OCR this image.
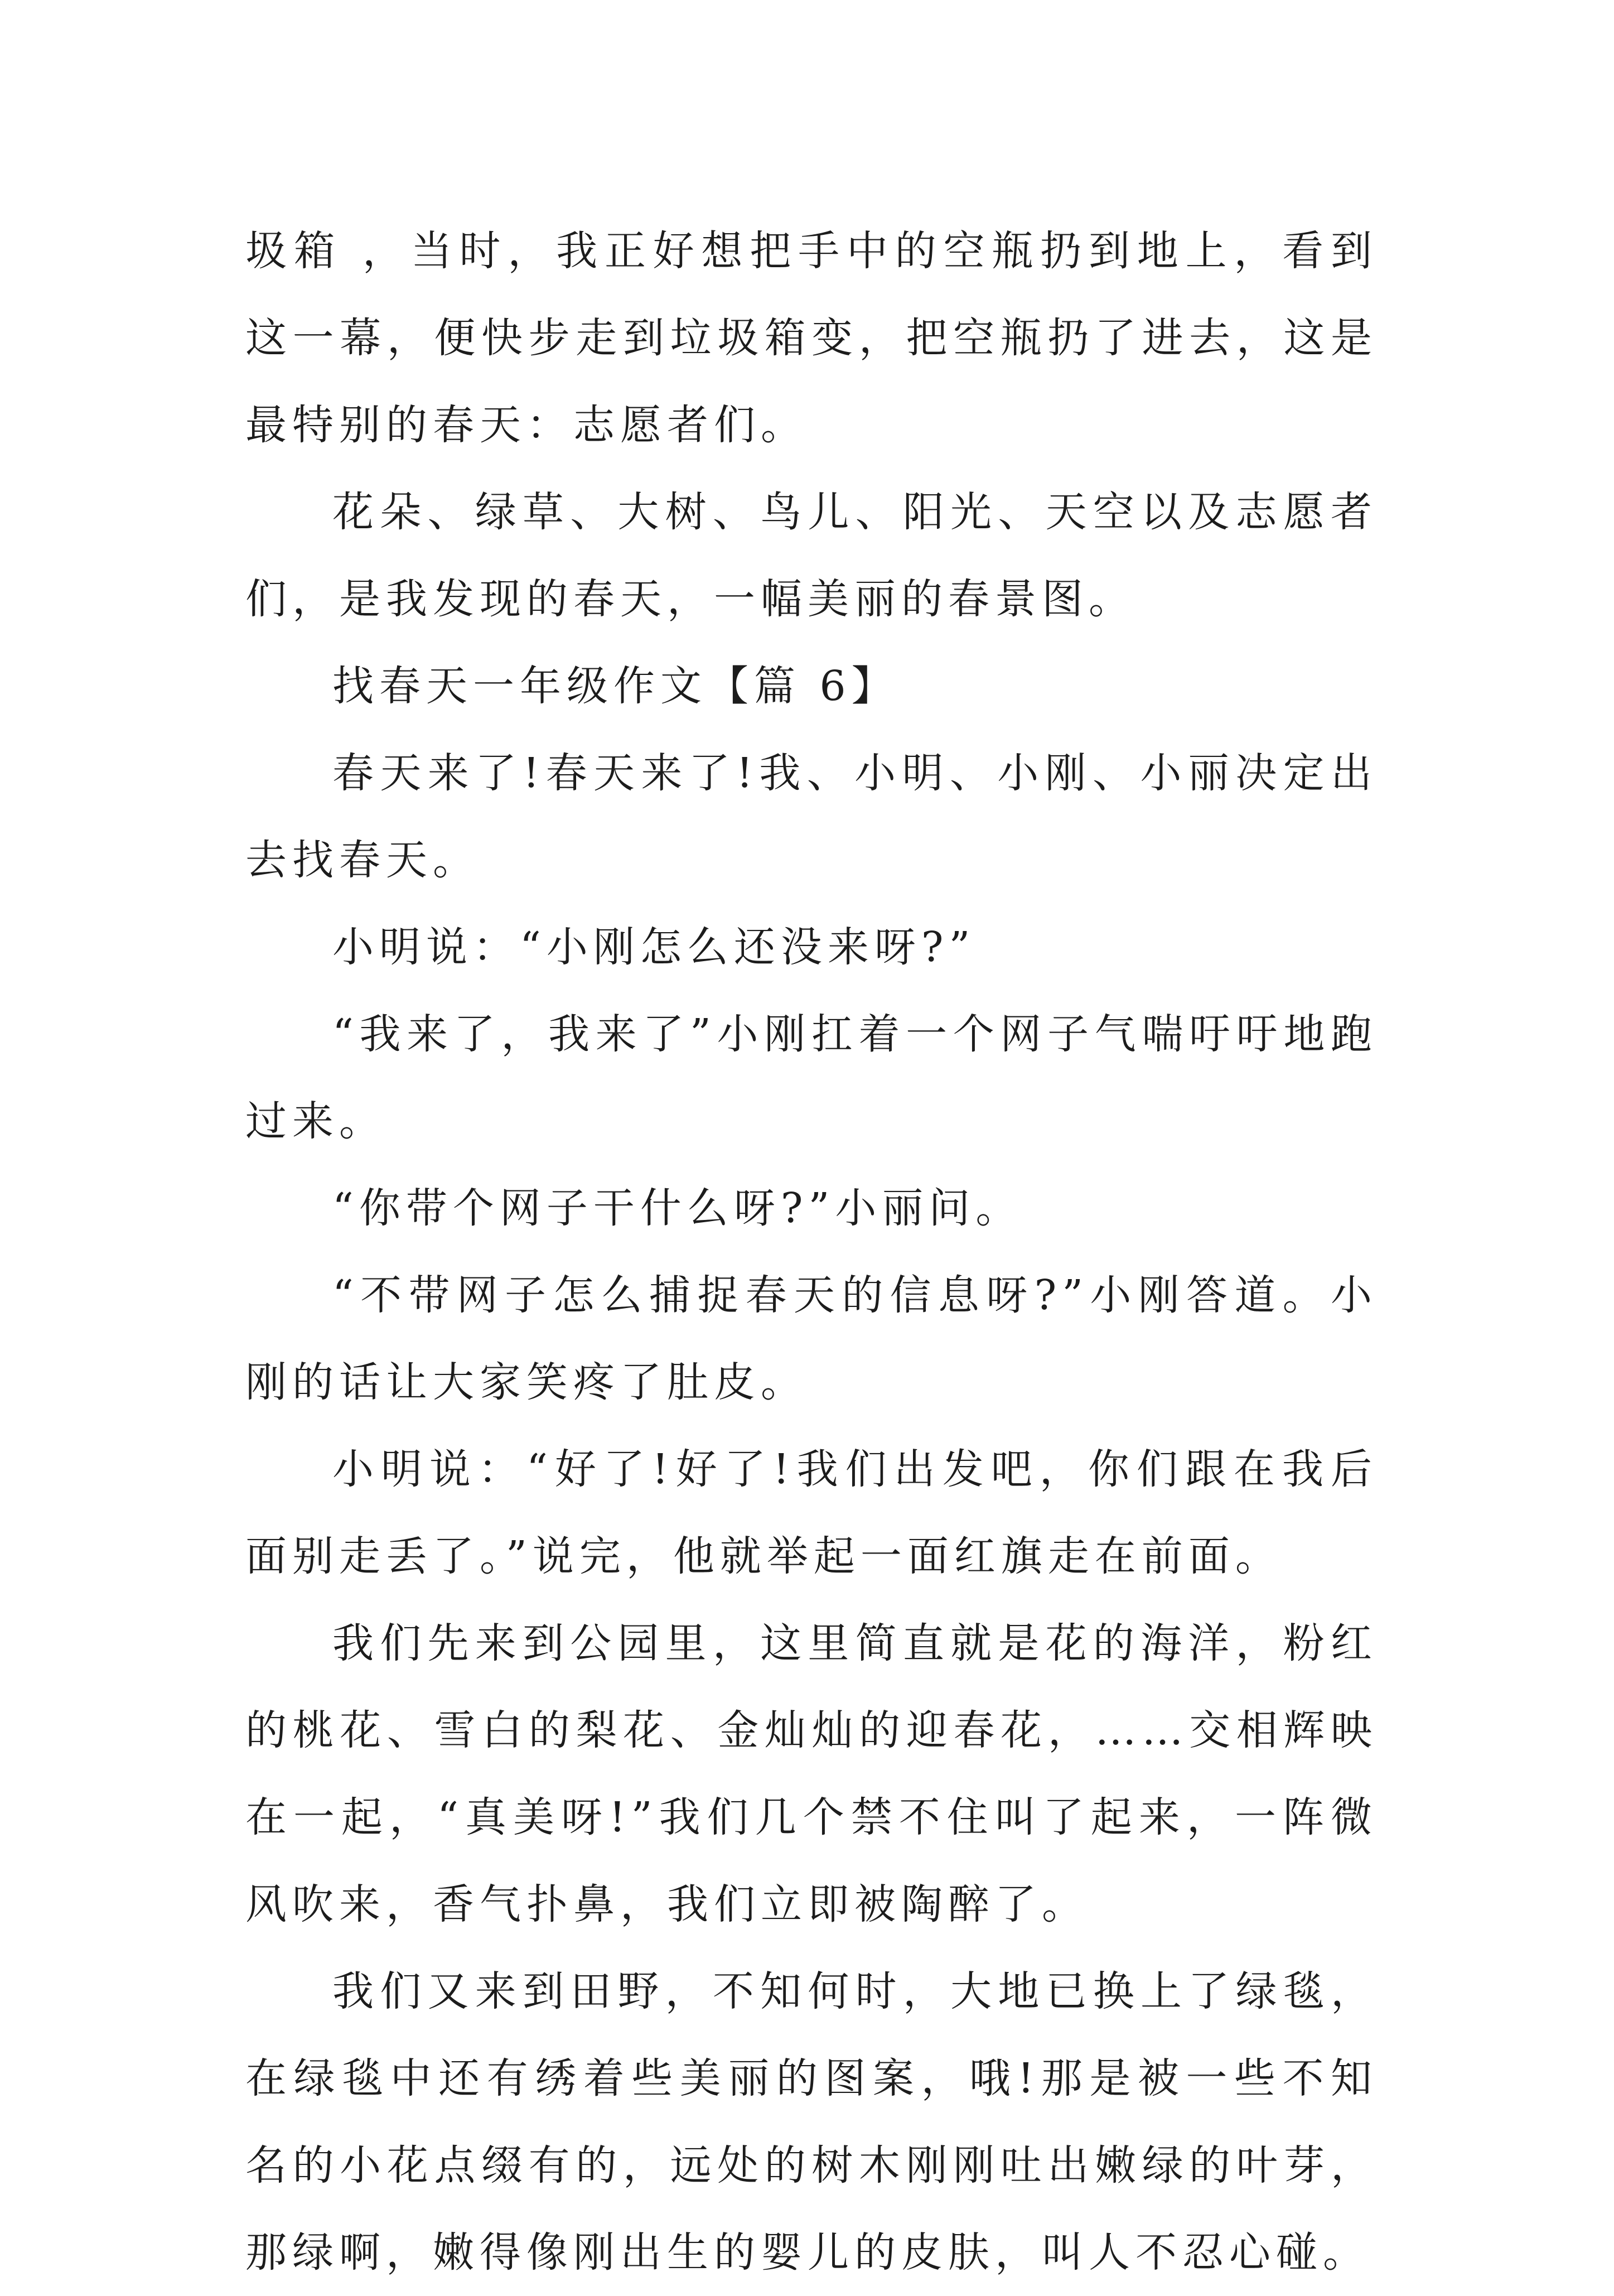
圾箱 ，当时，我正好想把手中的空瓶扔到地上，看到这一幕，便快步走到垃圾箱变，把空瓶扔了进去，这是最特别的春天：志愿者们。

花朵、绿草、大树、鸟儿、阳光、天空以及志愿者们，是我发现的春天，一幅美丽的春景图。

找春天一年级作文【篇 6】

春天来了!春天来了!我、小明、小刚、小丽决定出去找春天。

小明说：“小刚怎么还没来呀?”

“我来了，我来了”小刚扛着一个网子气喘吁吁地跑过来。

“你带个网子干什么呀?”小丽问。

“不带网子怎么捕捉春天的信息呀?”小刚答道。小刚的话让大家笑疼了肚皮。

小明说：“好了!好了!我们出发吧，你们跟在我后面别走丢了。”说完，他就举起一面红旗走在前面。

我们先来到公园里，这里简直就是花的海洋，粉红的桃花、雪白的梨花、金灿灿的迎春花，……交相辉映在一起，“真美呀!”我们几个禁不住叫了起来，一阵微风吹来，香气扑鼻，我们立即被陶醉了。

我们又来到田野，不知何时，大地已换上了绿毯，在绿毯中还有绣着些美丽的图案，哦!那是被一些不知名的小花点缀有的，远处的树木刚刚吐出嫩绿的叶芽，那绿啊，嫩得像刚出生的婴儿的皮肤，叫人不忍心碰。
